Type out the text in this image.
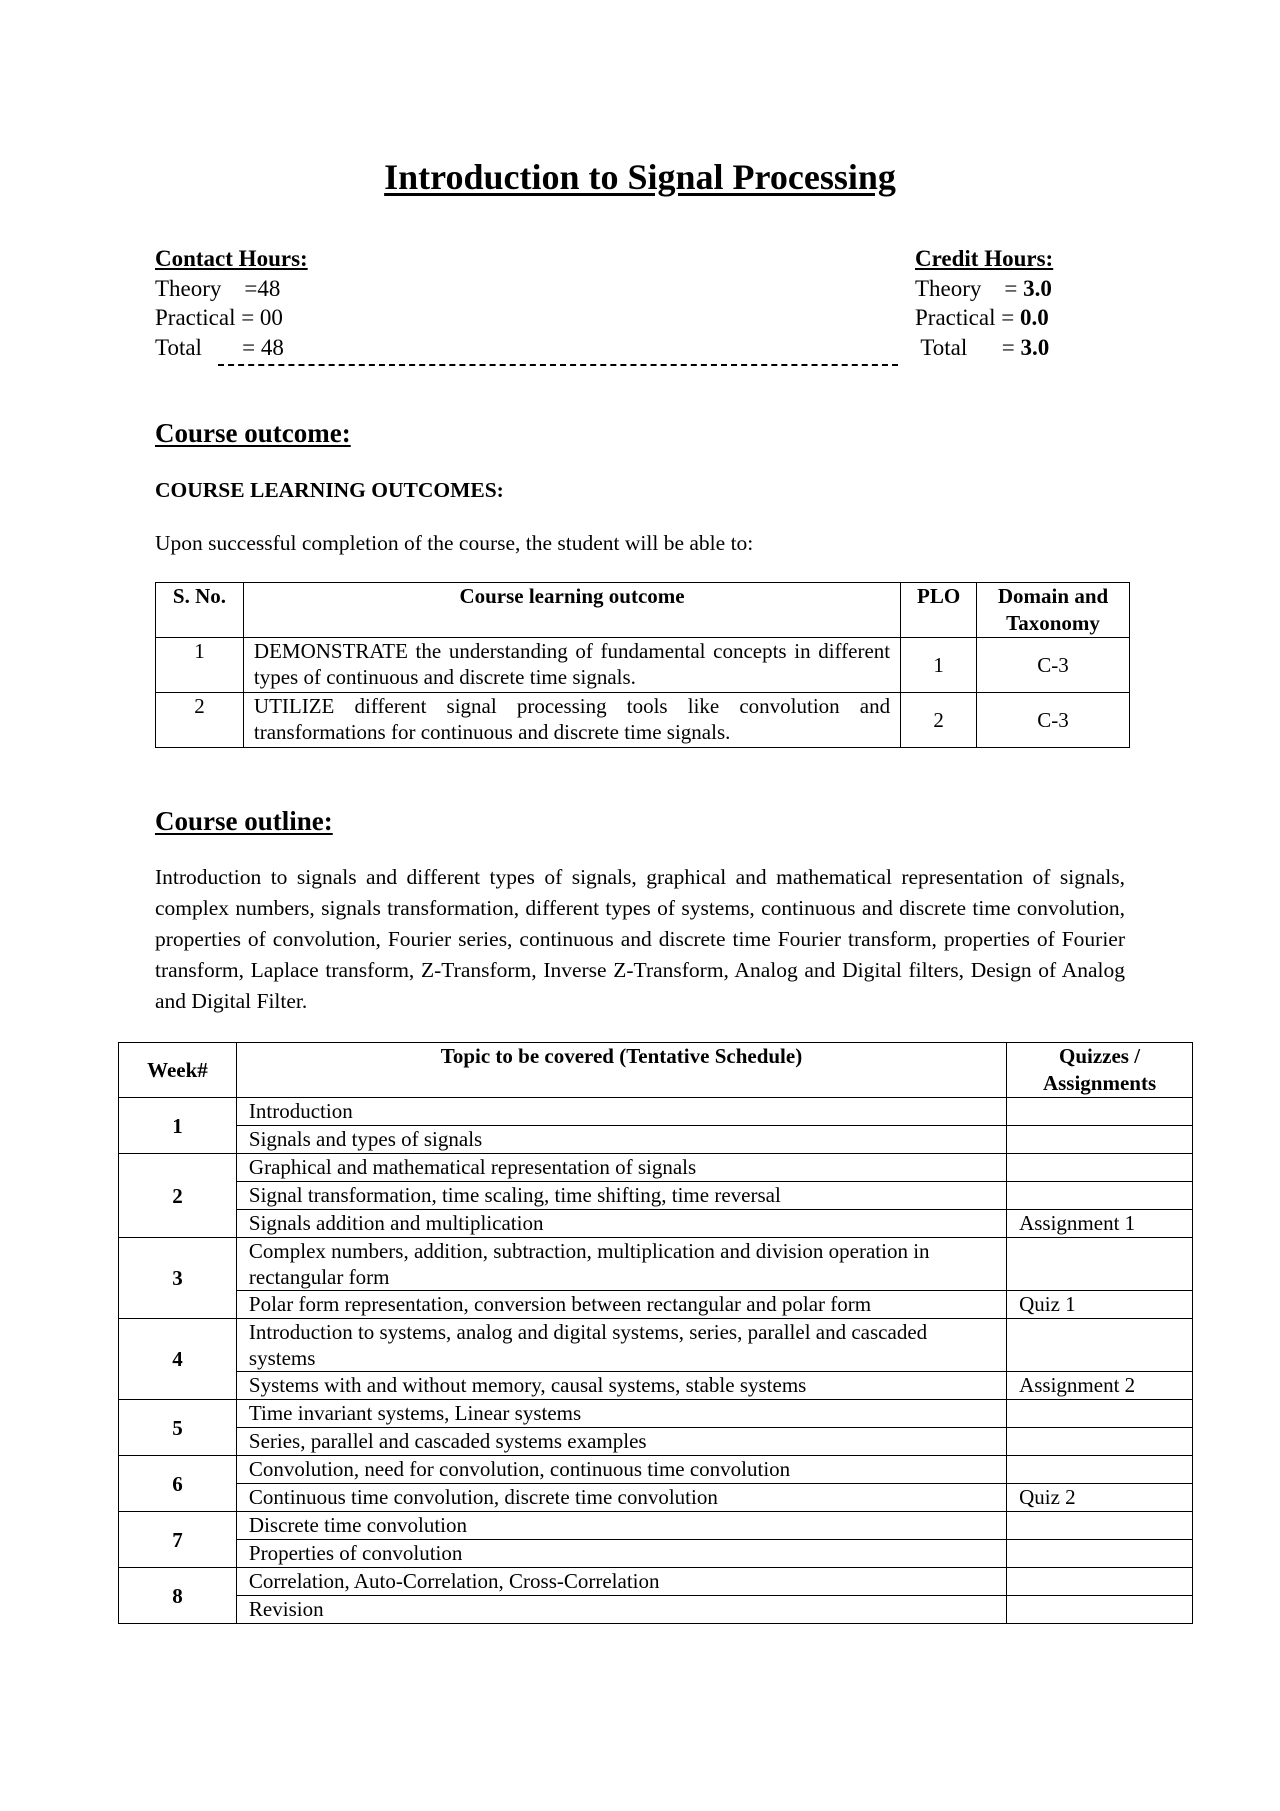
Introduction to Signal Processing
Contact Hours:
Theory    =48
Practical = 00
Total       = 48
Credit Hours:
Theory    = 3.0
Practical = 0.0
Total      = 3.0
Course outcome:
COURSE LEARNING OUTCOMES:
Upon successful completion of the course, the student will be able to:
S. No.	Course learning outcome	PLO	Domain and Taxonomy
1	DEMONSTRATE the understanding of fundamental concepts in different types of continuous and discrete time signals.	1	C-3
2	UTILIZE different signal processing tools like convolution and transformations for continuous and discrete time signals.	2	C-3
Course outline:
Introduction to signals and different types of signals, graphical and mathematical representation of signals, complex numbers, signals transformation, different types of systems, continuous and discrete time convolution, properties of convolution, Fourier series, continuous and discrete time Fourier transform, properties of Fourier transform, Laplace transform, Z-Transform, Inverse Z-Transform, Analog and Digital filters, Design of Analog and Digital Filter.
Week#	Topic to be covered (Tentative Schedule)	Quizzes / Assignments
1	Introduction	
	Signals and types of signals	
2	Graphical and mathematical representation of signals	
	Signal transformation, time scaling, time shifting, time reversal	
	Signals addition and multiplication	Assignment 1
3	Complex numbers, addition, subtraction, multiplication and division operation in rectangular form	
	Polar form representation, conversion between rectangular and polar form	Quiz 1
4	Introduction to systems, analog and digital systems, series, parallel and cascaded systems	
	Systems with and without memory, causal systems, stable systems	Assignment 2
5	Time invariant systems, Linear systems	
	Series, parallel and cascaded systems examples	
6	Convolution, need for convolution, continuous time convolution	
	Continuous time convolution, discrete time convolution	Quiz 2
7	Discrete time convolution	
	Properties of convolution	
8	Correlation, Auto-Correlation, Cross-Correlation	
	Revision	
